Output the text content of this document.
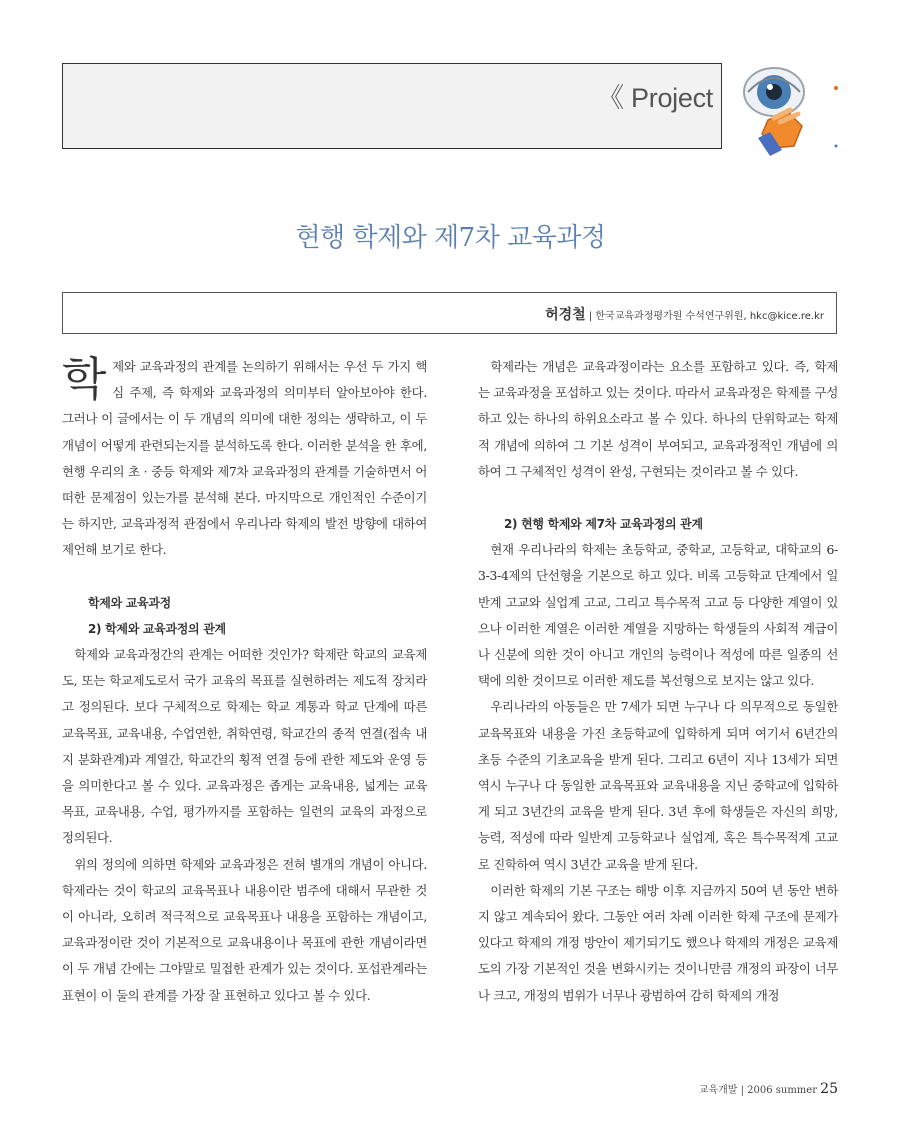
《 Project
현행 학제와 제7차 교육과정
허경철 | 한국교육과정평가원 수석연구위원, hkc@kice.re.kr

학제와 교육과정의 관계를 논의하기 위해서는 우선 두 가지 핵심 주제, 즉 학제와 교육과정의 의미부터 알아보아야 한다. 그러나 이 글에서는 이 두 개념의 의미에 대한 정의는 생략하고, 이 두 개념이 어떻게 관련되는지를 분석하도록 한다. 이러한 분석을 한 후에, 현행 우리의 초 · 중등 학제와 제7차 교육과정의 관계를 기술하면서 어떠한 문제점이 있는가를 분석해 본다. 마지막으로 개인적인 수준이기는 하지만, 교육과정적 관점에서 우리나라 학제의 발전 방향에 대하여 제언해 보기로 한다.

학제와 교육과정

2) 학제와 교육과정의 관계

학제와 교육과정간의 관계는 어떠한 것인가? 학제란 학교의 교육제도, 또는 학교제도로서 국가 교육의 목표를 실현하려는 제도적 장치라고 정의된다. 보다 구체적으로 학제는 학교 계통과 학교 단계에 따른 교육목표, 교육내용, 수업연한, 취학연령, 학교간의 종적 연결(접속 내지 분화관계)과 계열간, 학교간의 횡적 연결 등에 관한 제도와 운영 등을 의미한다고 볼 수 있다. 교육과정은 좁게는 교육내용, 넓게는 교육목표, 교육내용, 수업, 평가까지를 포함하는 일련의 교육의 과정으로 정의된다.

위의 정의에 의하면 학제와 교육과정은 전혀 별개의 개념이 아니다. 학제라는 것이 학교의 교육목표나 내용이란 범주에 대해서 무관한 것이 아니라, 오히려 적극적으로 교육목표나 내용을 포함하는 개념이고, 교육과정이란 것이 기본적으로 교육내용이나 목표에 관한 개념이라면 이 두 개념 간에는 그야말로 밀접한 관계가 있는 것이다. 포섭관계라는 표현이 이 둘의 관계를 가장 잘 표현하고 있다고 볼 수 있다.

학제라는 개념은 교육과정이라는 요소를 포함하고 있다. 즉, 학제는 교육과정을 포섭하고 있는 것이다. 따라서 교육과정은 학제를 구성하고 있는 하나의 하위요소라고 볼 수 있다. 하나의 단위학교는 학제적 개념에 의하여 그 기본 성격이 부여되고, 교육과정적인 개념에 의하여 그 구체적인 성격이 완성, 구현되는 것이라고 볼 수 있다.

2) 현행 학제와 제7차 교육과정의 관계

현재 우리나라의 학제는 초등학교, 중학교, 고등학교, 대학교의 6-3-3-4제의 단선형을 기본으로 하고 있다. 비록 고등학교 단계에서 일반계 고교와 실업계 고교, 그리고 특수목적 고교 등 다양한 계열이 있으나 이러한 계열은 이러한 계열을 지망하는 학생들의 사회적 계급이나 신분에 의한 것이 아니고 개인의 능력이나 적성에 따른 일종의 선택에 의한 것이므로 이러한 제도를 복선형으로 보지는 않고 있다.

우리나라의 아동들은 만 7세가 되면 누구나 다 의무적으로 동일한 교육목표와 내용을 가진 초등학교에 입학하게 되며 여기서 6년간의 초등 수준의 기초교육을 받게 된다. 그리고 6년이 지나 13세가 되면 역시 누구나 다 동일한 교육목표와 교육내용을 지닌 중학교에 입학하게 되고 3년간의 교육을 받게 된다. 3년 후에 학생들은 자신의 희망, 능력, 적성에 따라 일반계 고등학교나 실업계, 혹은 특수목적계 고교로 진학하여 역시 3년간 교육을 받게 된다.

이러한 학제의 기본 구조는 해방 이후 지금까지 50여 년 동안 변하지 않고 계속되어 왔다. 그동안 여러 차례 이러한 학제 구조에 문제가 있다고 학제의 개정 방안이 제기되기도 했으나 학제의 개정은 교육제도의 가장 기본적인 것을 변화시키는 것이니만큼 개정의 파장이 너무나 크고, 개정의 범위가 너무나 광범하여 감히 학제의 개정

교육개발 | 2006 summer 25
